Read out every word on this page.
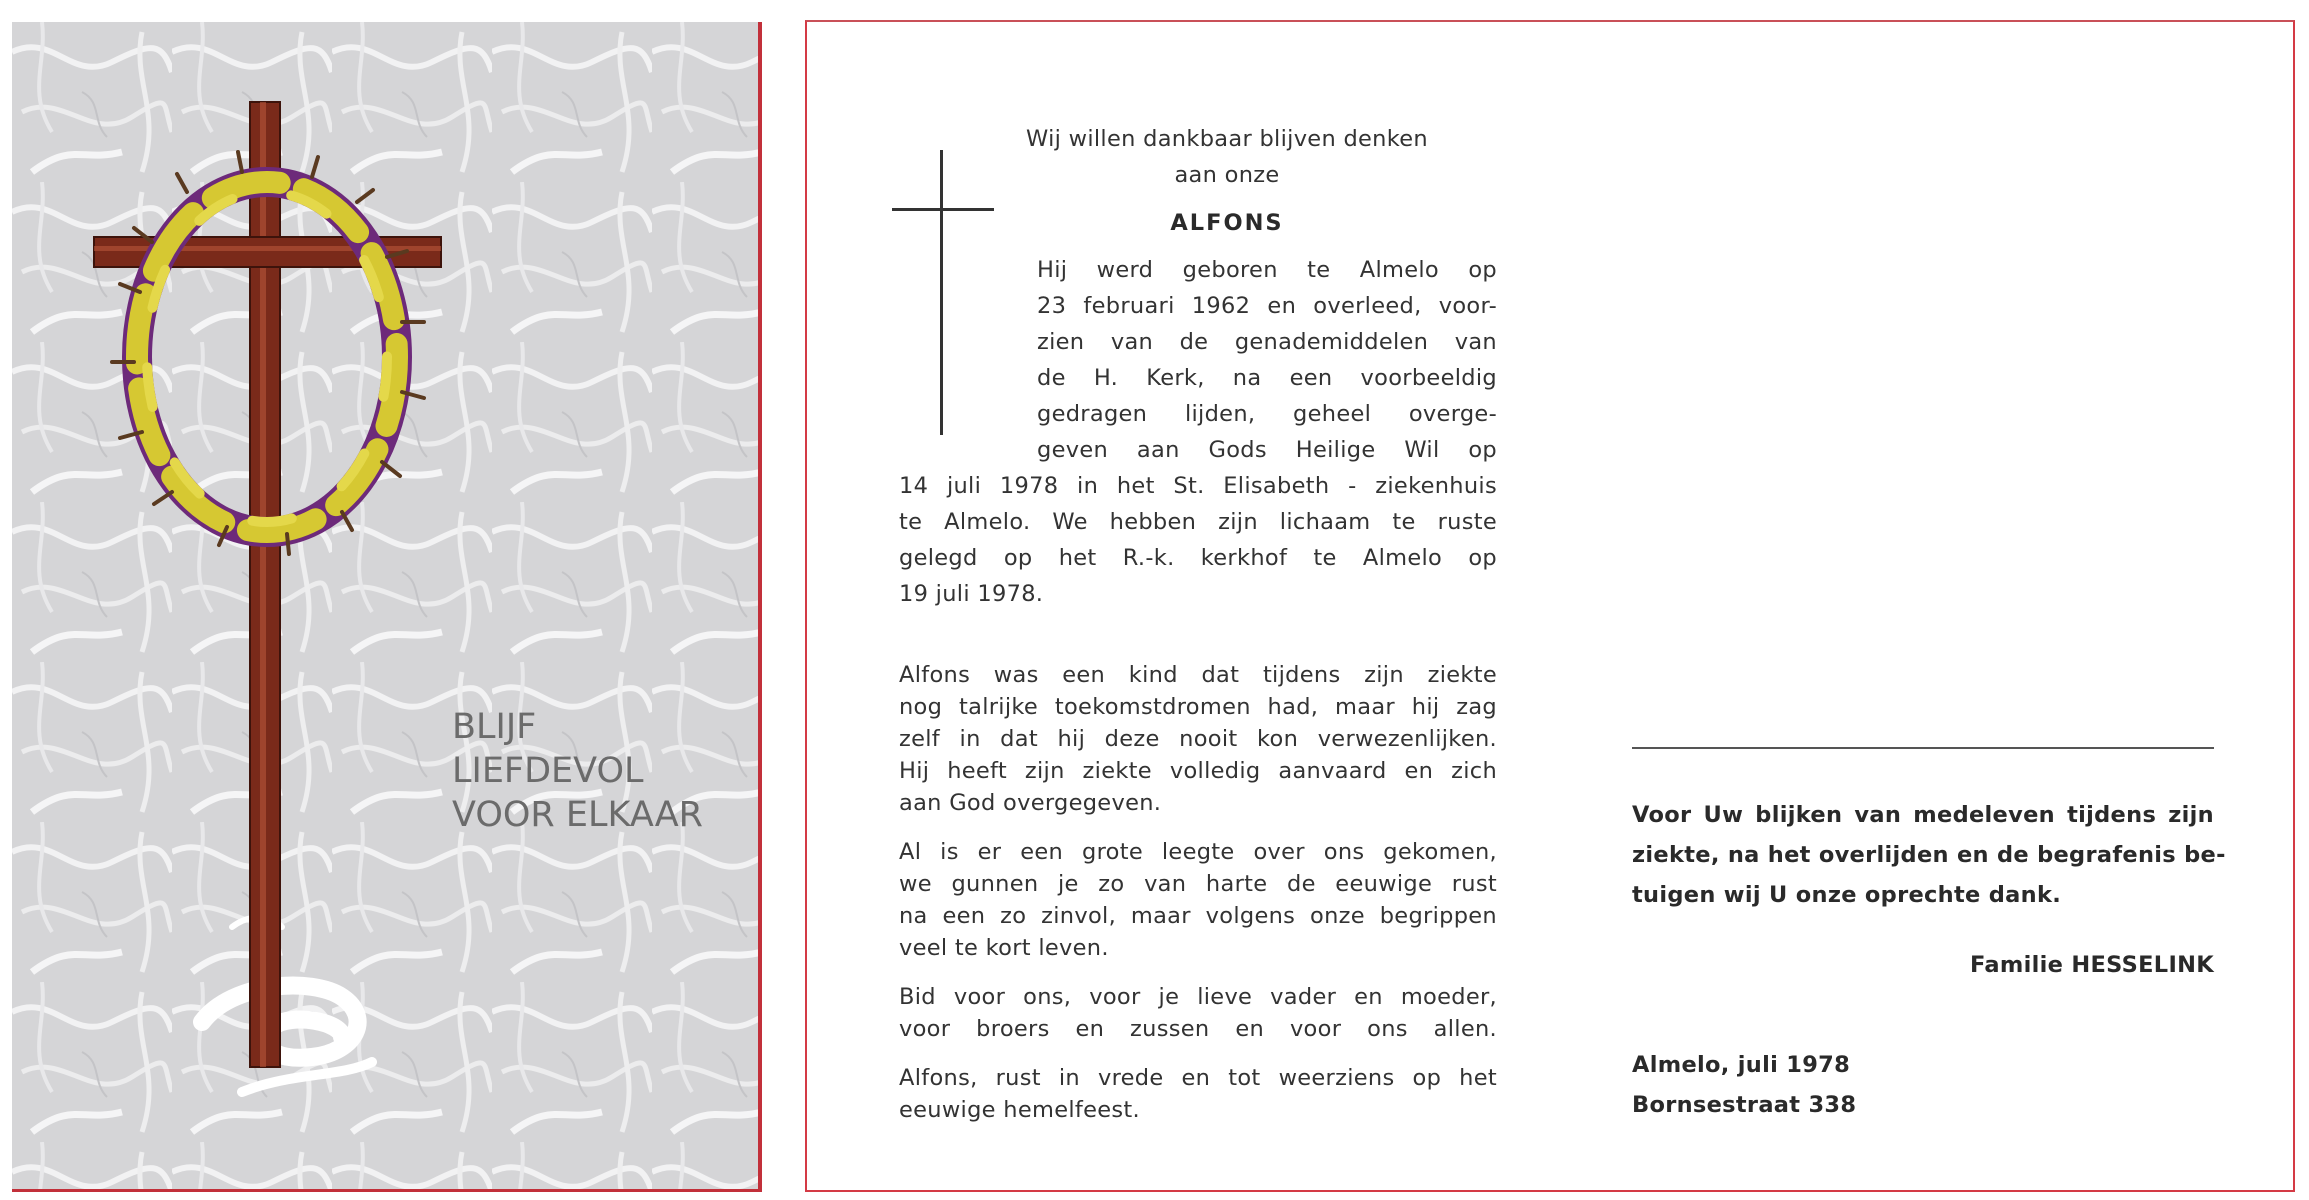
BLIJF
LIEFDEVOL
VOOR ELKAAR
Wij willen dankbaar blijven denken
aan onze
ALFONS
Hij werd geboren te Almelo op
23 februari 1962 en overleed, voor-
zien van de genademiddelen van
de H. Kerk, na een voorbeeldig
gedragen lijden, geheel overge-
geven aan Gods Heilige Wil op
14 juli 1978 in het St. Elisabeth - ziekenhuis
te Almelo. We hebben zijn lichaam te ruste
gelegd op het R.-k. kerkhof te Almelo op
19 juli 1978.
Alfons was een kind dat tijdens zijn ziekte
nog talrijke toekomstdromen had, maar hij zag
zelf in dat hij deze nooit kon verwezenlijken.
Hij heeft zijn ziekte volledig aanvaard en zich
aan God overgegeven.
Al is er een grote leegte over ons gekomen,
we gunnen je zo van harte de eeuwige rust
na een zo zinvol, maar volgens onze begrippen
veel te kort leven.
Bid voor ons, voor je lieve vader en moeder,
voor broers en zussen en voor ons allen.
Alfons, rust in vrede en tot weerziens op het
eeuwige hemelfeest.
Voor Uw blijken van medeleven tijdens zijn
ziekte, na het overlijden en de begrafenis be-
tuigen wij U onze oprechte dank.
Familie HESSELINK
Almelo, juli 1978
Bornsestraat 338
